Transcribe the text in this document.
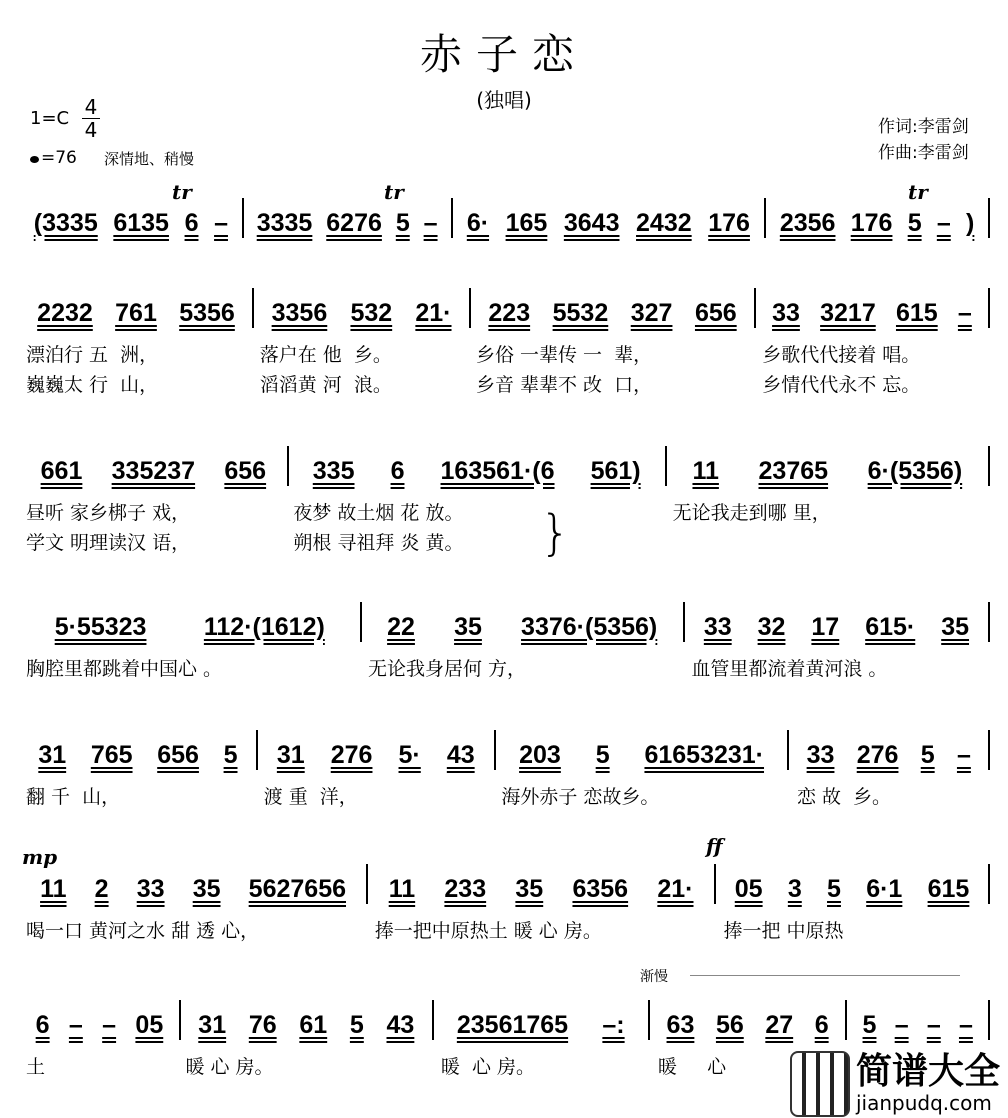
赤子恋
(独唱)
1=C 4
4
=76 深情地、稍慢
作词:李雷剑
作曲:李雷剑
tr	tr	tr
mp	ff
渐慢
}
(3335 6135 6 – 3335 6276 5 – 6· 165 3643 2432 176 2356 176 5 – )
2232 761 5356 3356 532 21· 223 5532 327 656 33 3217 615 –
漂泊行 五  洲，	落户在 他  乡。	乡俗 一辈传 一  辈，	乡歌代代接着 唱。
巍巍太 行  山，	滔滔黄 河  浪。	乡音 辈辈不 改  口，	乡情代代永不 忘。
661 335237 656 335 6 163561·(6 561) 11 23765 6·(5356)
昼听 家乡梆子 戏，	夜梦 故土烟 花 放。	无论我走到哪 里，
学文 明理读汉 语，	朔根 寻祖拜 炎 黄。
5·55323 112·(1612) 22 35 3376·(5356) 33 32 17 615· 35
胸腔里都跳着中国心 。	无论我身居何 方，	血管里都流着黄河浪 。
31 765 656 5 31 276 5· 43 203 5 61653231· 33 276 5 –
翻 千  山，	渡 重  洋，	海外赤子 恋故乡。	恋 故  乡。
11 2 33 35 5627656 11 233 35 6356 21· 05 3 5 6·1 615
喝一口 黄河之水 甜 透 心，	捧一把中原热土 暖 心 房。	捧一把 中原热
6 – – 05 31 76 61 5 43 23561765 –: 63 56 27 6 5 – – –
土	暖 心 房。	暖  心 房。	暖     心	简谱大全
jianpudq.com
